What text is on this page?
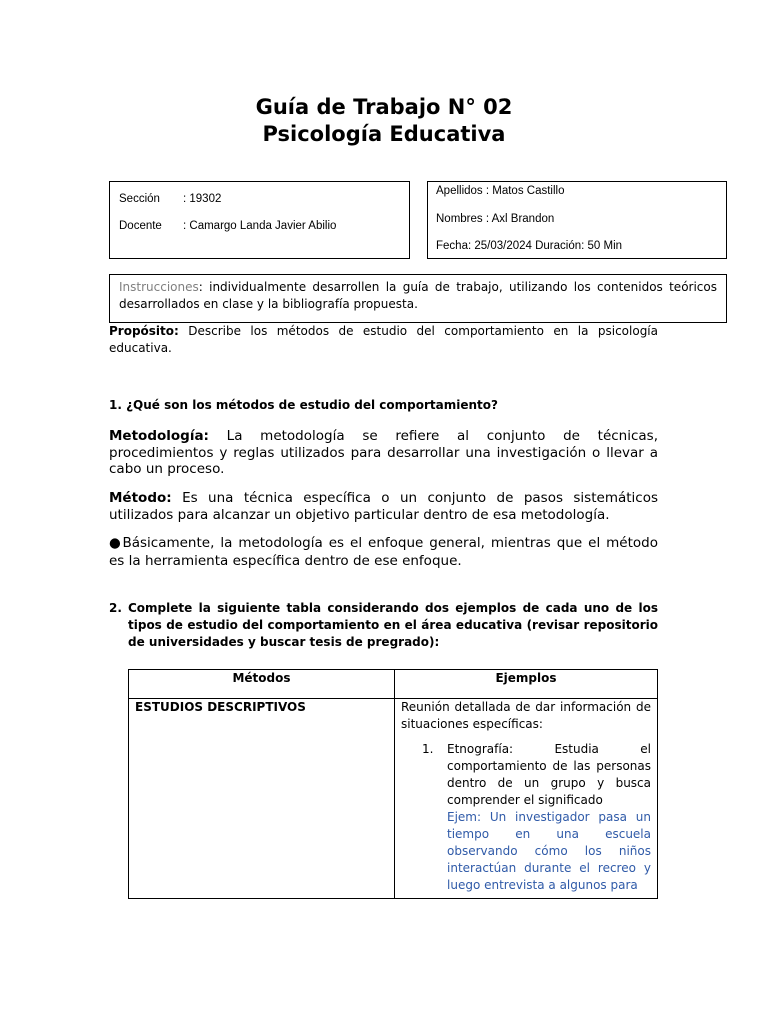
Guía de Trabajo N° 02
Psicología Educativa
Sección : 19302
Docente : Camargo Landa Javier Abilio
Apellidos : Matos Castillo
Nombres : Axl Brandon
Fecha: 25/03/2024 Duración: 50 Min
Instrucciones: individualmente desarrollen la guía de trabajo, utilizando los contenidos teóricos desarrollados en clase y la bibliografía propuesta.
Propósito: Describe los métodos de estudio del comportamiento en la psicología educativa.
1. ¿Qué son los métodos de estudio del comportamiento?
Metodología: La metodología se refiere al conjunto de técnicas, procedimientos y reglas utilizados para desarrollar una investigación o llevar a cabo un proceso.
Método: Es una técnica específica o un conjunto de pasos sistemáticos utilizados para alcanzar un objetivo particular dentro de esa metodología.
●Básicamente, la metodología es el enfoque general, mientras que el método es la herramienta específica dentro de ese enfoque.
2. Complete la siguiente tabla considerando dos ejemplos de cada uno de los tipos de estudio del comportamiento en el área educativa (revisar repositorio de universidades y buscar tesis de pregrado):
Métodos	Ejemplos
ESTUDIOS DESCRIPTIVOS	Reunión detallada de dar información de situaciones específicas:
1. Etnografía: Estudia el comportamiento de las personas dentro de un grupo y busca comprender el significado
Ejem: Un investigador pasa un tiempo en una escuela observando cómo los niños interactúan durante el recreo y luego entrevista a algunos para
